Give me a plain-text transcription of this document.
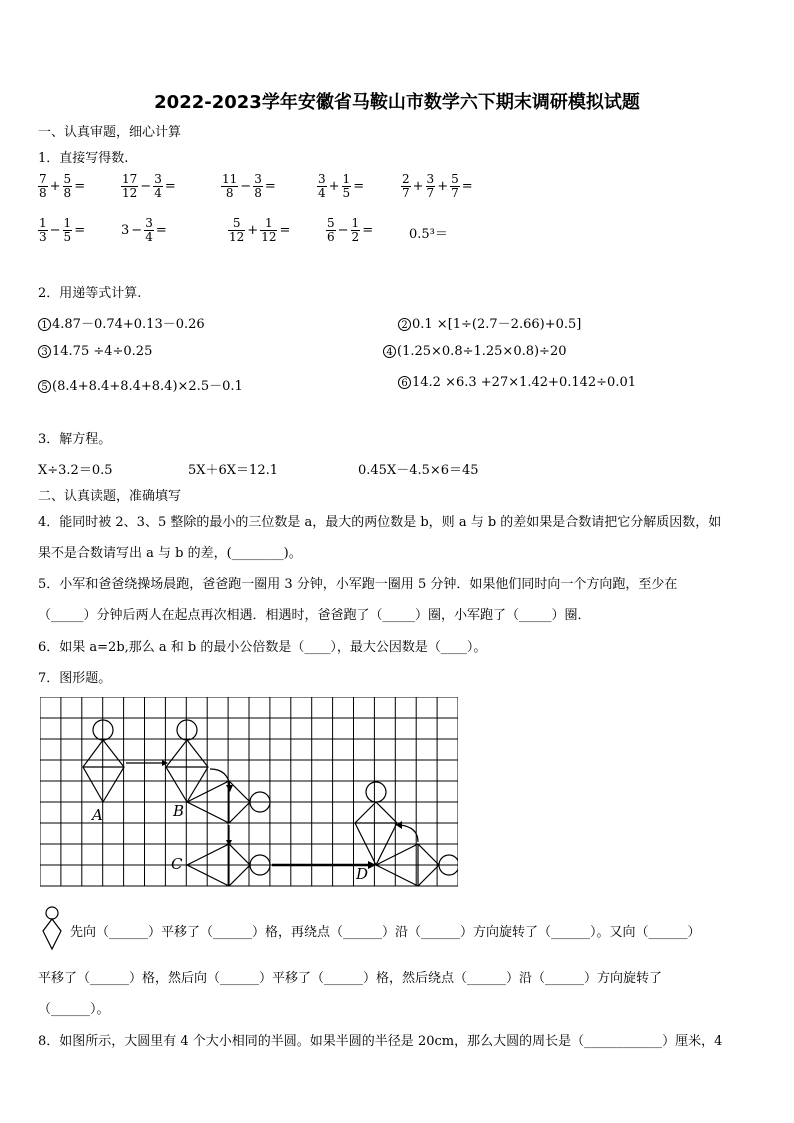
2022-2023学年安徽省马鞍山市数学六下期末调研模拟试题
一、认真审题，细心计算
1．直接写得数.
2．用递等式计算.
1 4.87－0.74+0.13－0.26	2 0.1 ×[1÷(2.7－2.66)+0.5]
3 14.75 ÷4÷0.25	4 (1.25×0.8÷1.25×0.8)÷20
5 (8.4+8.4+8.4+8.4)×2.5－0.1	6 14.2 ×6.3 +27×1.42+0.142÷0.01
3．解方程。
X÷3.2＝0.5	5X＋6X＝12.1	0.45X－4.5×6＝45
二、认真读题，准确填写
4．能同时被 2、3、5 整除的最小的三位数是 a，最大的两位数是 b，则 a 与 b 的差如果是合数请把它分解质因数，如
果不是合数请写出 a 与 b 的差，(________)。
5．小军和爸爸绕操场晨跑，爸爸跑一圈用 3 分钟，小军跑一圈用 5 分钟．如果他们同时向一个方向跑，至少在
（_____）分钟后两人在起点再次相遇．相遇时，爸爸跑了（_____）圈，小军跑了（_____）圈．
6．如果 a=2b,那么 a 和 b 的最小公倍数是（____），最大公因数是（____）。
7．图形题。
A	B
C
D
先向（______）平移了（______）格，再绕点（______）沿（______）方向旋转了（______）。又向（______）
平移了（______）格，然后向（______）平移了（______）格，然后绕点（______）沿（______）方向旋转了
（______）。
8．如图所示，大圆里有 4 个大小相同的半圆。如果半圆的半径是 20cm，那么大圆的周长是（____________）厘米，4
$\frac{7}{8} + \frac{5}{8}$ =	$\frac{17}{12} - \frac{3}{4}$ =	$\frac{11}{8} - \frac{3}{8}$ =	$\frac{3}{4} + \frac{1}{5}$ =	$\frac{2}{7} + \frac{3}{7} + \frac{5}{7}$ =
$\frac{1}{3} - \frac{1}{5}$ =	$3 - \frac{3}{4}$ =	$\frac{5}{12} + \frac{1}{12}$ =	$\frac{5}{6} - \frac{1}{2}$ =	0.5³＝
